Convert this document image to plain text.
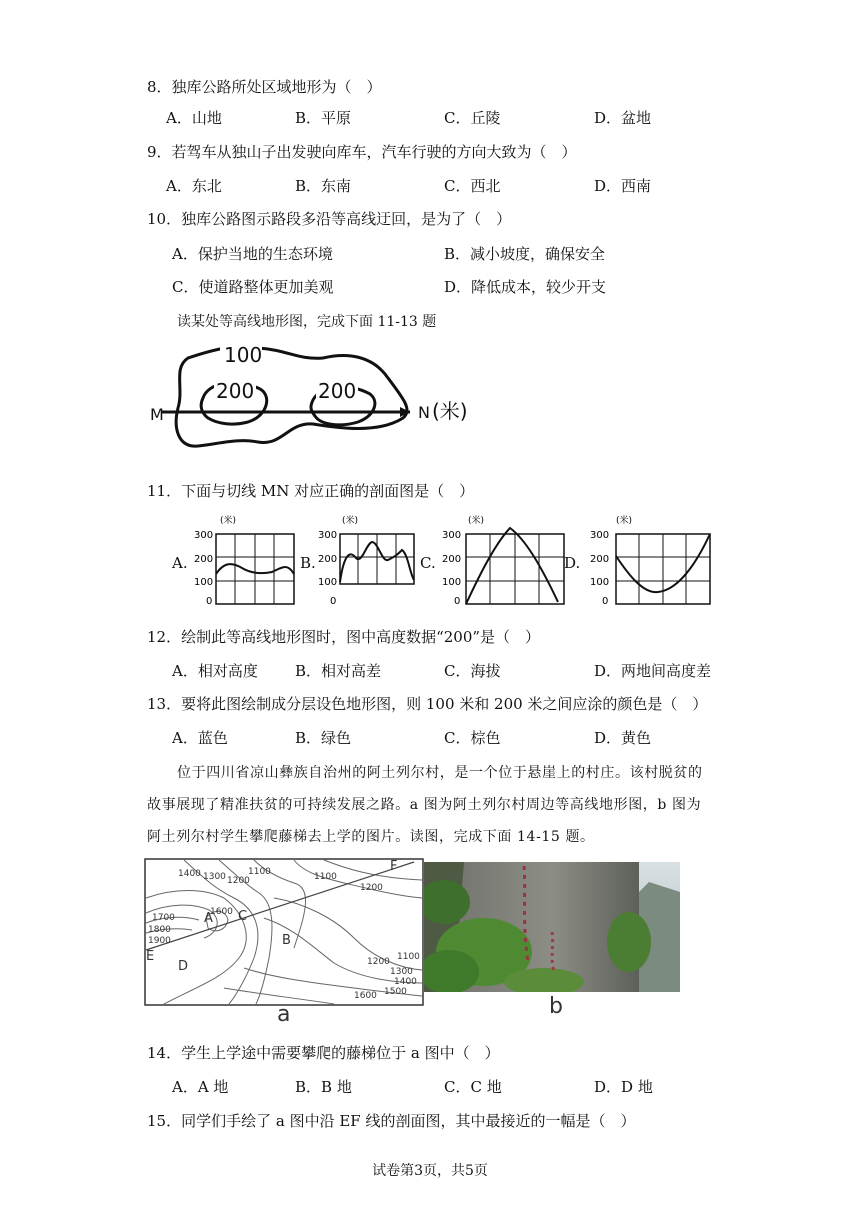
8．独库公路所处区域地形为（　）
A．山地	B．平原	C．丘陵	D．盆地
9．若驾车从独山子出发驶向库车，汽车行驶的方向大致为（　）
A．东北	B．东南	C．西北	D．西南
10．独库公路图示路段多沿等高线迂回，是为了（　）
A．保护当地的生态环境	B．减小坡度，确保安全
C．使道路整体更加美观	D．降低成本，较少开支
读某处等高线地形图，完成下面 11-13 题
100
200	200
M	N (米)
11．下面与切线 MN 对应正确的剖面图是（　）
A.
(米)
300
200
100
0
B.
(米)
300
200
100
0
C.
(米)
300
200
100
0
D.
(米)
300
200
100
0
12．绘制此等高线地形图时，图中高度数据“200”是（　）
A．相对高度 B．相对高差	C．海拔	D．两地间高度差
13．要将此图绘制成分层设色地形图，则 100 米和 200 米之间应涂的颜色是（　）
A．蓝色	B．绿色	C．棕色	D．黄色
位于四川省凉山彝族自治州的阿土列尔村，是一个位于悬崖上的村庄。该村脱贫的
故事展现了精准扶贫的可持续发展之路。a 图为阿土列尔村周边等高线地形图，b 图为
阿土列尔村学生攀爬藤梯去上学的图片。读图，完成下面 14-15 题。
1400 1300 1200
1100	1100
1200
1700
1800
1900
1600
1100
1200
1300
1400
1500
1600
A
B
C
D
E
F
a	b
14．学生上学途中需要攀爬的藤梯位于 a 图中（　）
A．A 地	B．B 地	C．C 地	D．D 地
15．同学们手绘了 a 图中沿 EF 线的剖面图，其中最接近的一幅是（　）
试卷第3页，共5页
